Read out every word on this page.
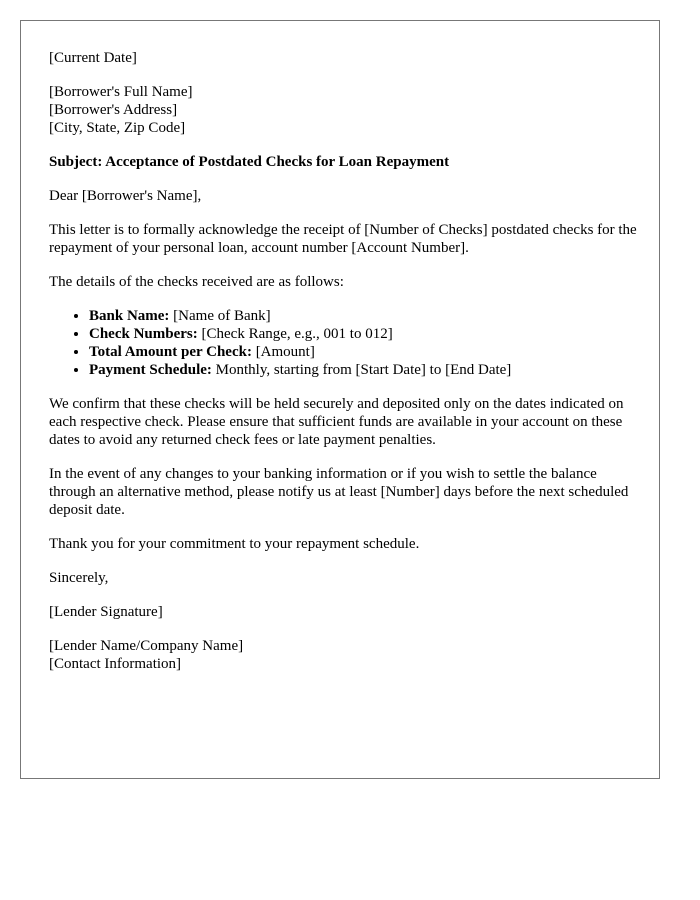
[Current Date]

[Borrower's Full Name]
[Borrower's Address]
[City, State, Zip Code]

Subject: Acceptance of Postdated Checks for Loan Repayment

Dear [Borrower's Name],

This letter is to formally acknowledge the receipt of [Number of Checks] postdated checks for the repayment of your personal loan, account number [Account Number].

The details of the checks received are as follows:

• Bank Name: [Name of Bank]
• Check Numbers: [Check Range, e.g., 001 to 012]
• Total Amount per Check: [Amount]
• Payment Schedule: Monthly, starting from [Start Date] to [End Date]

We confirm that these checks will be held securely and deposited only on the dates indicated on each respective check. Please ensure that sufficient funds are available in your account on these dates to avoid any returned check fees or late payment penalties.

In the event of any changes to your banking information or if you wish to settle the balance through an alternative method, please notify us at least [Number] days before the next scheduled deposit date.

Thank you for your commitment to your repayment schedule.

Sincerely,

[Lender Signature]

[Lender Name/Company Name]
[Contact Information]
